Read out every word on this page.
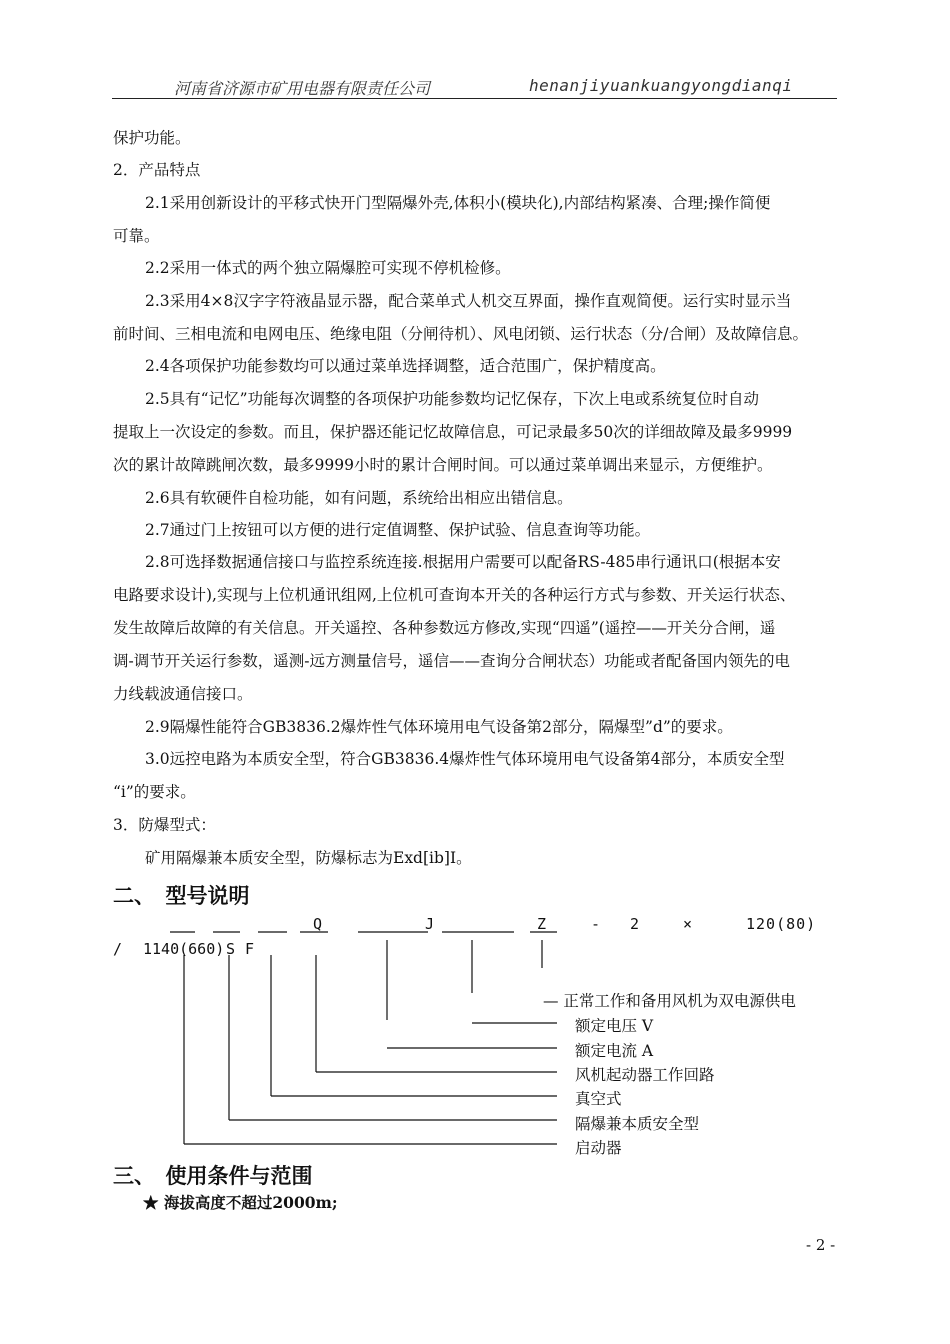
河南省济源市矿用电器有限责任公司	henanjiyuankuangyongdianqi
保护功能。
2．产品特点
2.1采用创新设计的平移式快开门型隔爆外壳,体积小(模块化),内部结构紧凑、合理;操作简便
可靠。
2.2采用一体式的两个独立隔爆腔可实现不停机检修。
2.3采用4×8汉字字符液晶显示器，配合菜单式人机交互界面，操作直观简便。运行实时显示当
前时间、三相电流和电网电压、绝缘电阻（分闸待机）、风电闭锁、运行状态（分/合闸）及故障信息。
2.4各项保护功能参数均可以通过菜单选择调整，适合范围广，保护精度高。
2.5具有“记忆”功能每次调整的各项保护功能参数均记忆保存，下次上电或系统复位时自动
提取上一次设定的参数。而且，保护器还能记忆故障信息，可记录最多50次的详细故障及最多9999
次的累计故障跳闸次数，最多9999小时的累计合闸时间。可以通过菜单调出来显示，方便维护。
2.6具有软硬件自检功能，如有问题，系统给出相应出错信息。
2.7通过门上按钮可以方便的进行定值调整、保护试验、信息查询等功能。
2.8可选择数据通信接口与监控系统连接.根据用户需要可以配备RS-485串行通讯口(根据本安
电路要求设计),实现与上位机通讯组网,上位机可查询本开关的各种运行方式与参数、开关运行状态、
发生故障后故障的有关信息。开关遥控、各种参数远方修改,实现“四遥”(遥控——开关分合闸，遥
调-调节开关运行参数，遥测-远方测量信号，遥信——查询分合闸状态）功能或者配备国内领先的电
力线载波通信接口。
2.9隔爆性能符合GB3836.2爆炸性气体环境用电气设备第2部分，隔爆型”d”的要求。
3.0远控电路为本质安全型，符合GB3836.4爆炸性气体环境用电气设备第4部分，本质安全型
“i”的要求。
3．防爆型式：
矿用隔爆兼本质安全型，防爆标志为Exd[ib]I。
二、　型号说明
Q	J	Z	- 2	×	120(80)
/ 1140(660) S F
— 正常工作和备用风机为双电源供电
额定电压 V
额定电流 A
风机起动器工作回路
真空式
隔爆兼本质安全型
启动器
三、　使用条件与范围
★ 海拔高度不超过2000m;
- 2 -
